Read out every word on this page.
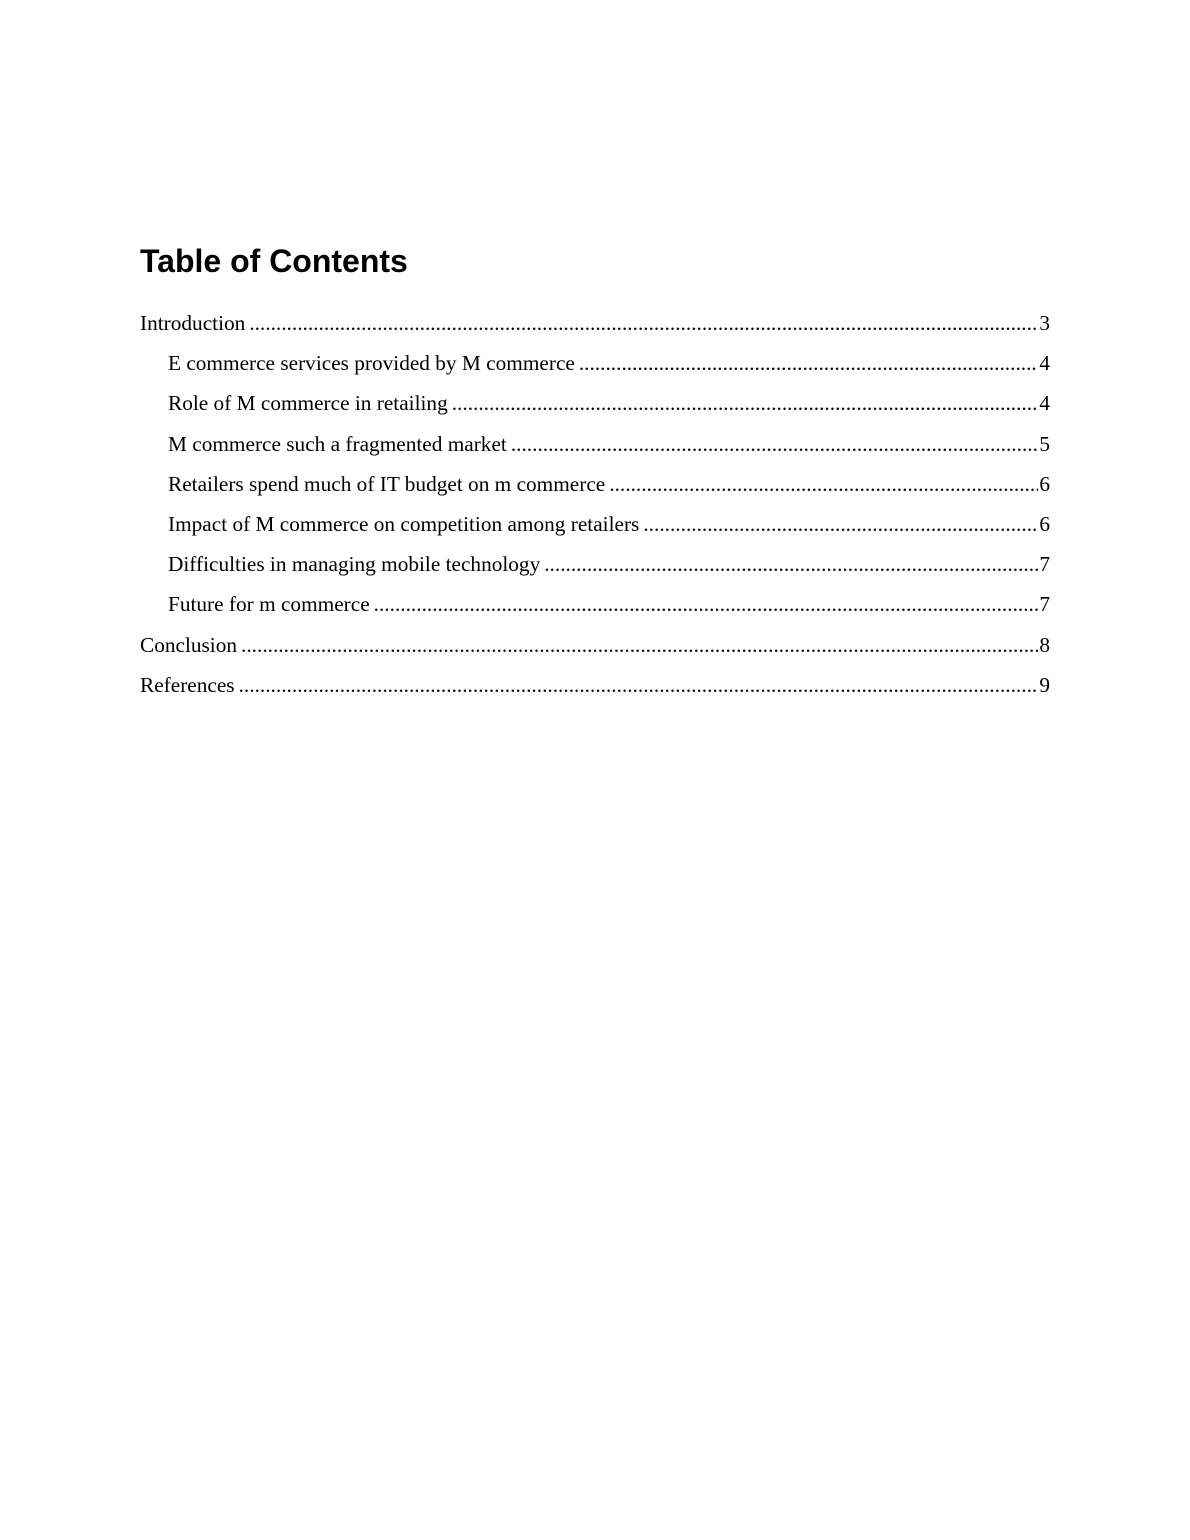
Table of Contents
Introduction .....	3
E commerce services provided by M commerce .....	4
Role of M commerce in retailing .....	4
M commerce such a fragmented market .....	5
Retailers spend much of IT budget on m commerce .....	6
Impact of M commerce on competition among retailers .....	6
Difficulties in managing mobile technology .....	7
Future for m commerce .....	7
Conclusion .....	8
References .....	9
